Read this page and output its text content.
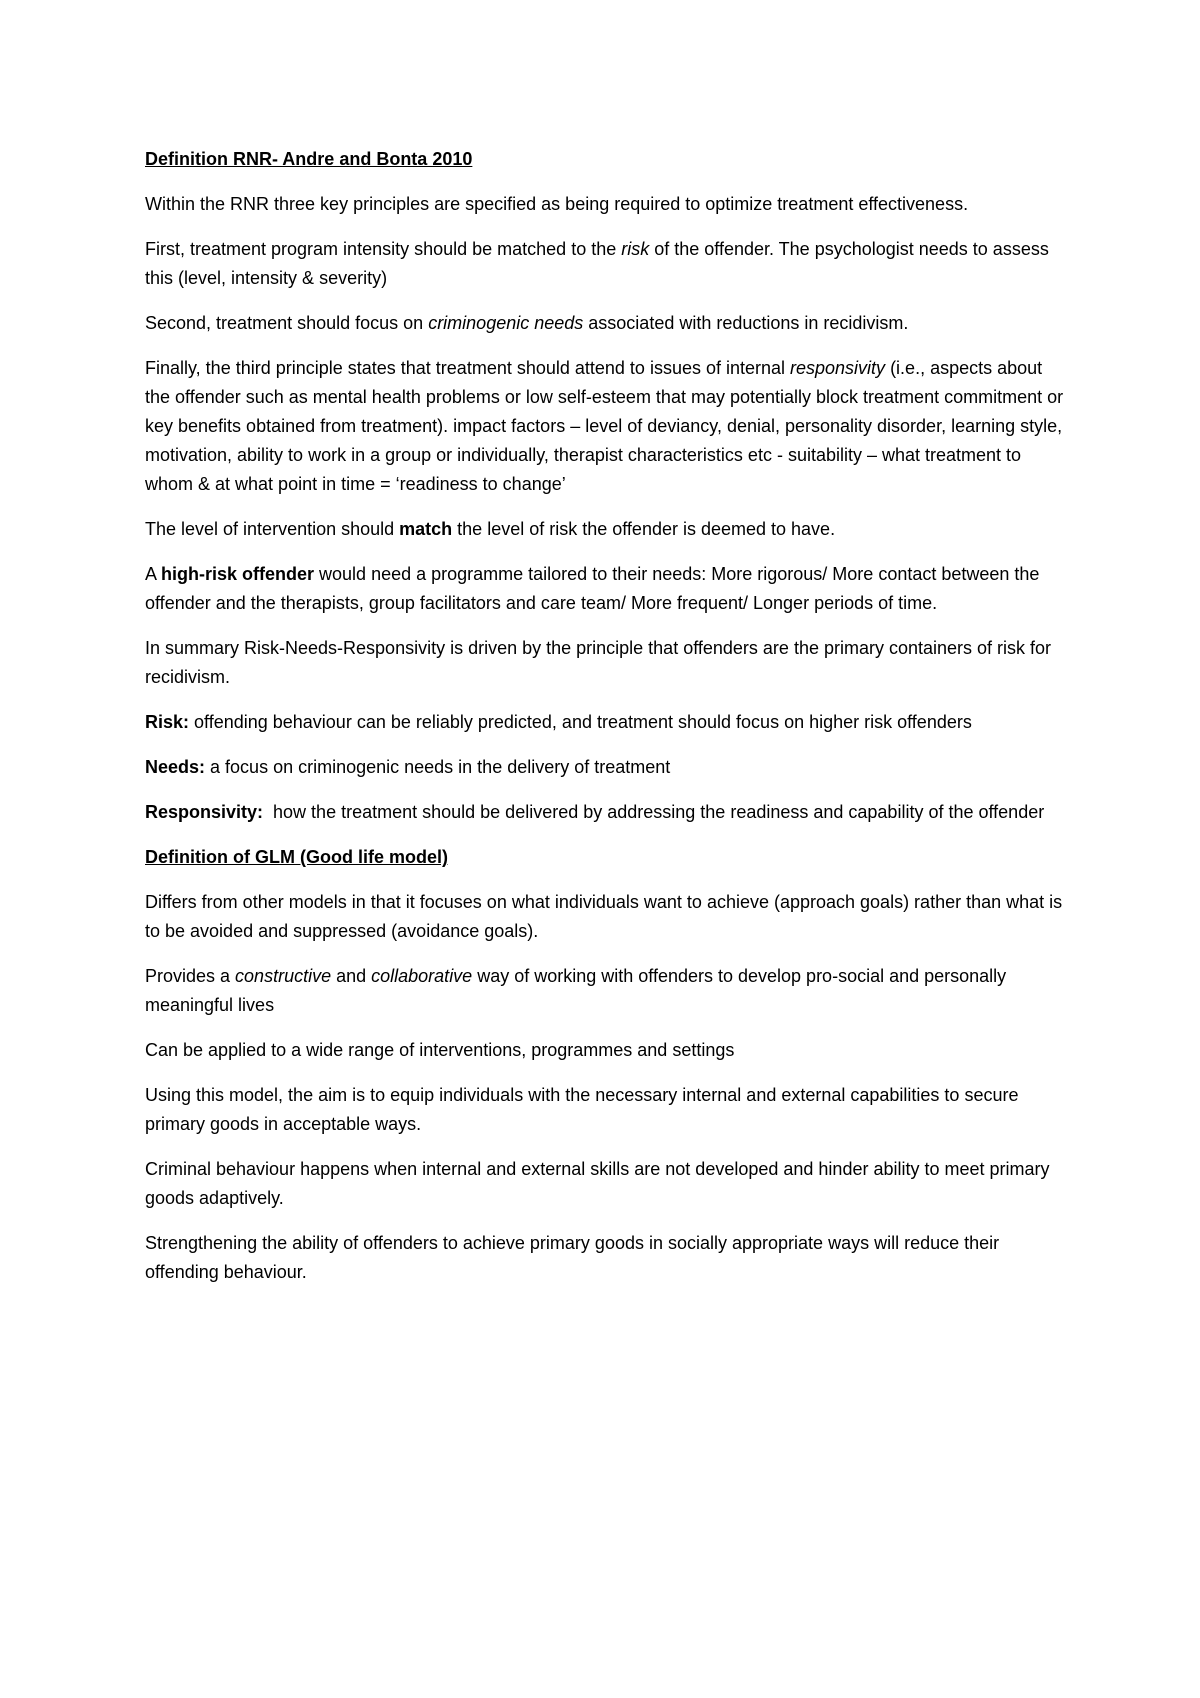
Definition RNR- Andre and Bonta 2010

Within the RNR three key principles are specified as being required to optimize treatment effectiveness.

First, treatment program intensity should be matched to the risk of the offender. The psychologist needs to assess this (level, intensity & severity)

Second, treatment should focus on criminogenic needs associated with reductions in recidivism.

Finally, the third principle states that treatment should attend to issues of internal responsivity (i.e., aspects about the offender such as mental health problems or low self-esteem that may potentially block treatment commitment or key benefits obtained from treatment). impact factors – level of deviancy, denial, personality disorder, learning style, motivation, ability to work in a group or individually, therapist characteristics etc - suitability – what treatment to whom & at what point in time = ‘readiness to change’

The level of intervention should match the level of risk the offender is deemed to have.

A high-risk offender would need a programme tailored to their needs: More rigorous/ More contact between the offender and the therapists, group facilitators and care team/ More frequent/ Longer periods of time.

In summary Risk-Needs-Responsivity is driven by the principle that offenders are the primary containers of risk for recidivism.

Risk: offending behaviour can be reliably predicted, and treatment should focus on higher risk offenders

Needs: a focus on criminogenic needs in the delivery of treatment

Responsivity:  how the treatment should be delivered by addressing the readiness and capability of the offender

Definition of GLM (Good life model)

Differs from other models in that it focuses on what individuals want to achieve (approach goals) rather than what is to be avoided and suppressed (avoidance goals).

Provides a constructive and collaborative way of working with offenders to develop pro-social and personally meaningful lives

Can be applied to a wide range of interventions, programmes and settings

Using this model, the aim is to equip individuals with the necessary internal and external capabilities to secure primary goods in acceptable ways.

Criminal behaviour happens when internal and external skills are not developed and hinder ability to meet primary goods adaptively.

Strengthening the ability of offenders to achieve primary goods in socially appropriate ways will reduce their offending behaviour.
